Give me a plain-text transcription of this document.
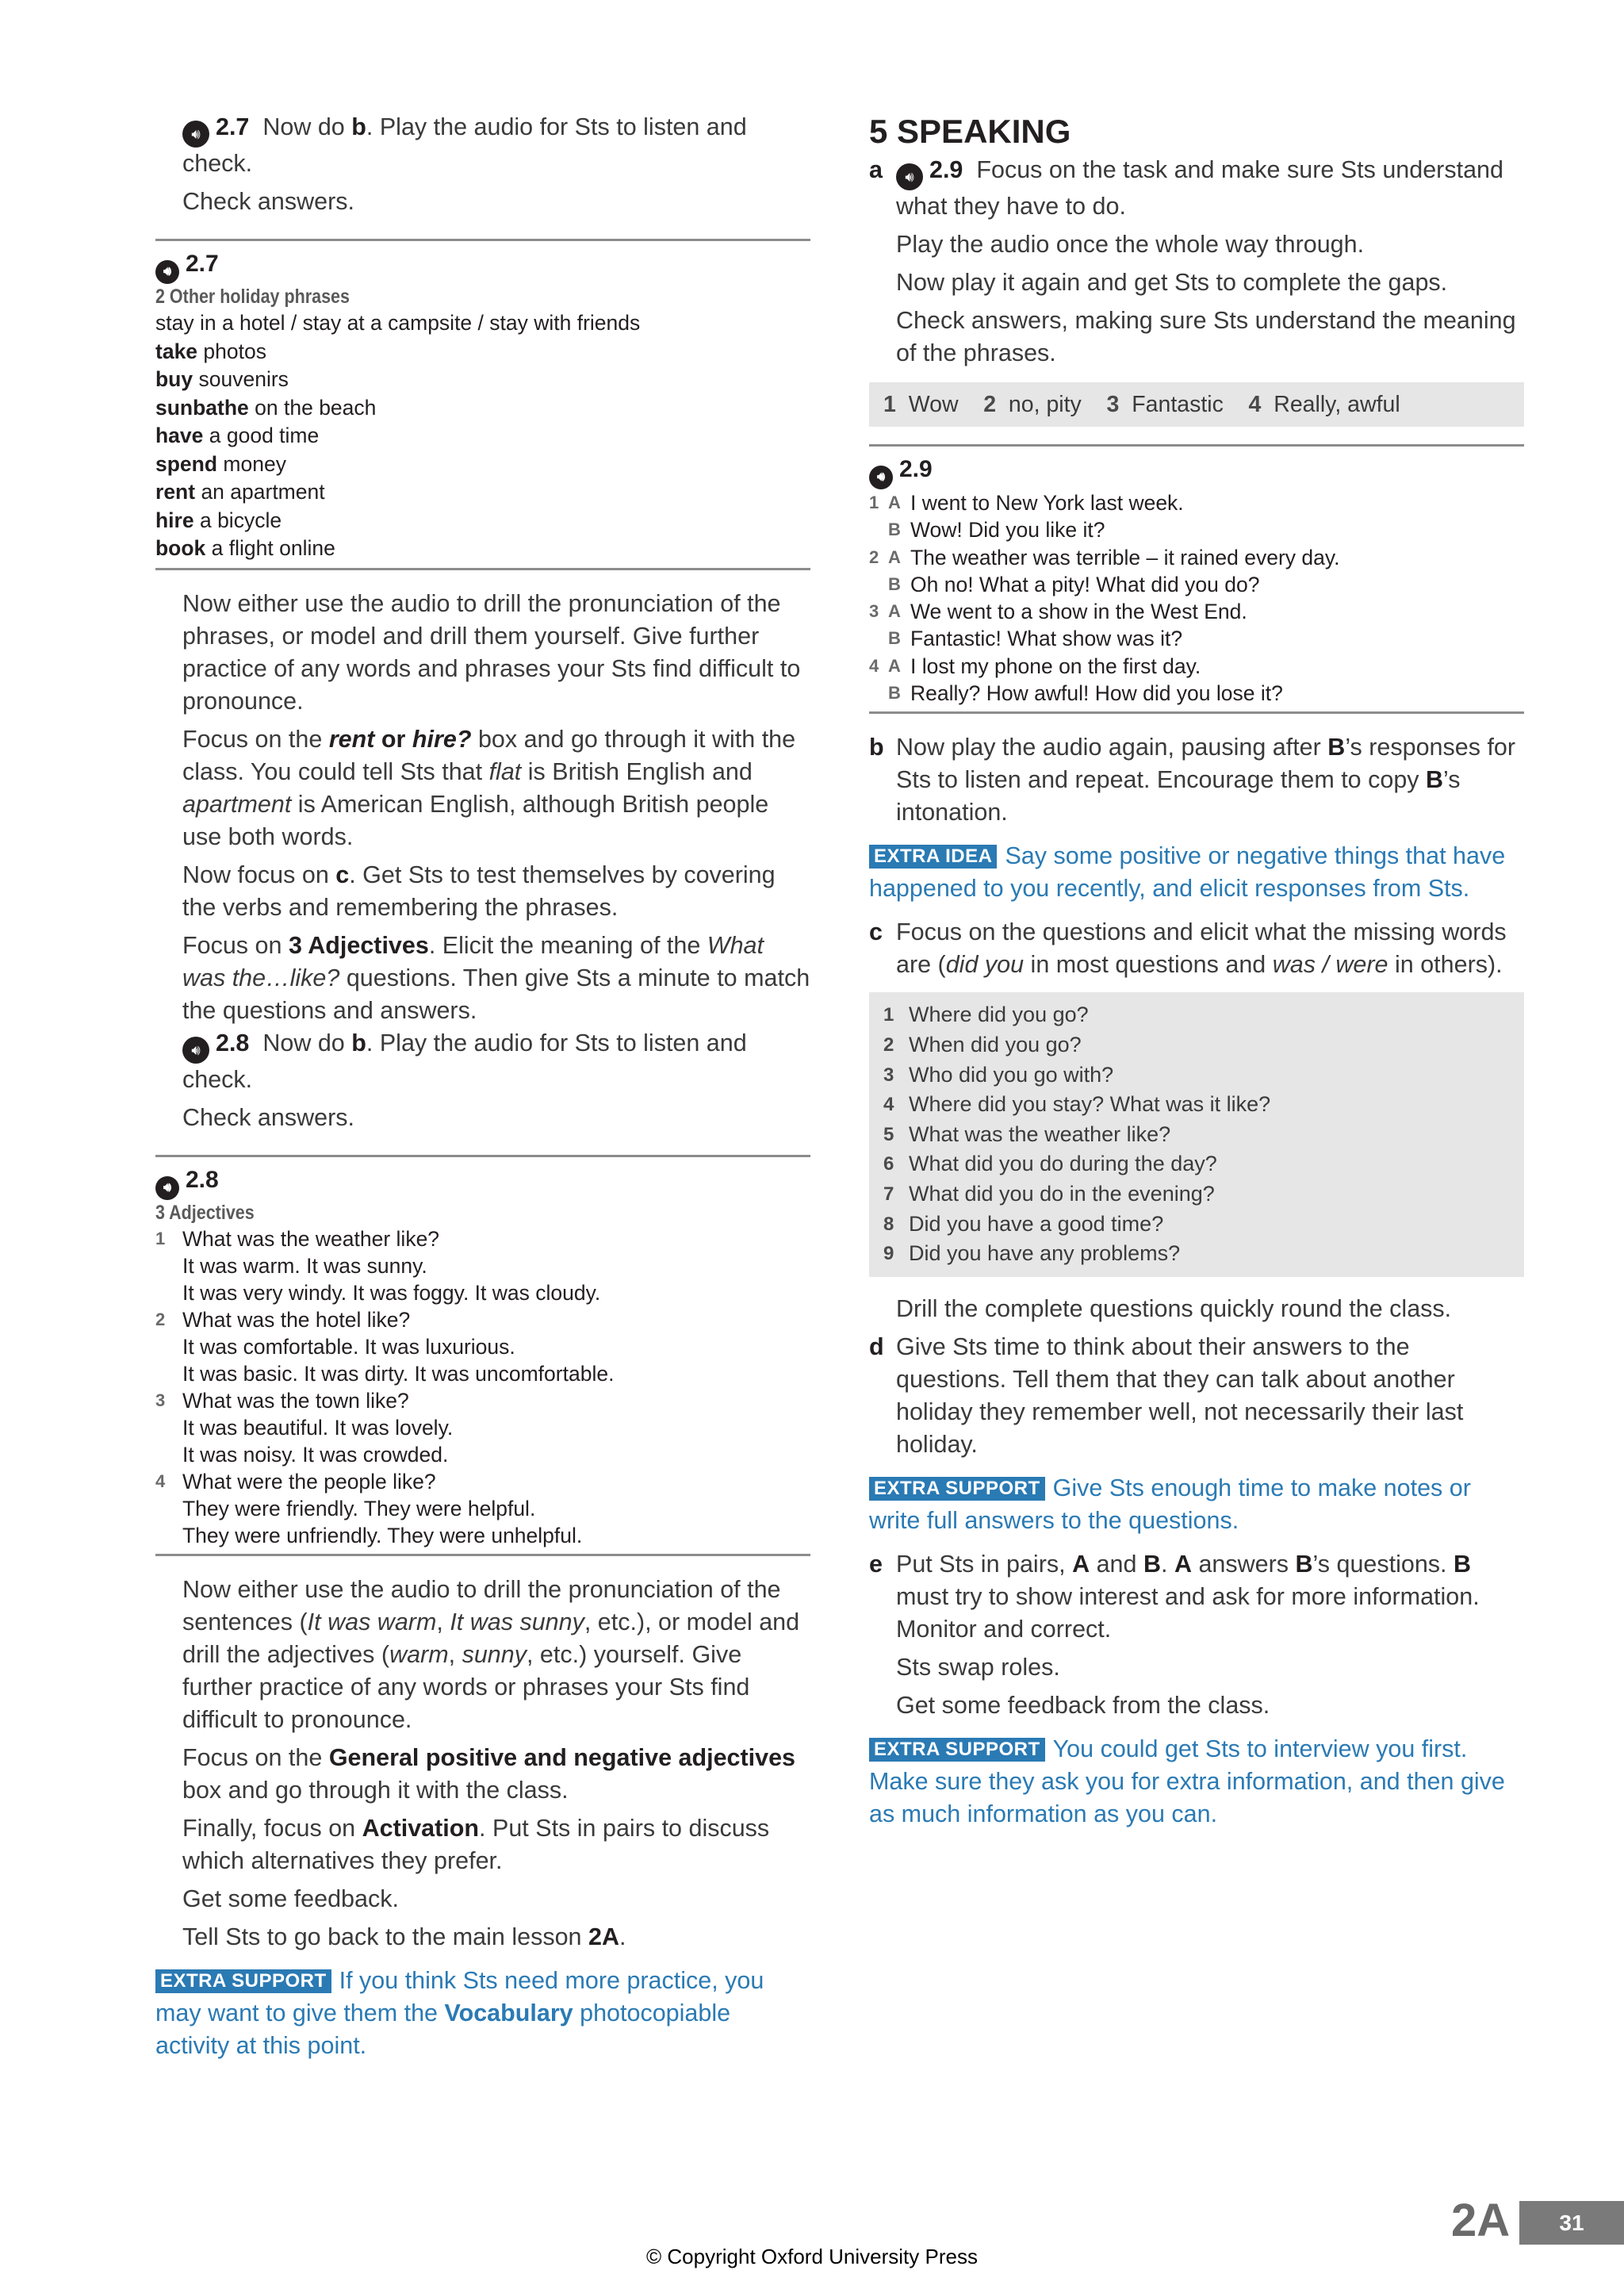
🔊︎ 2.7 Now do b. Play the audio for Sts to listen and check.

Check answers.

🔊︎ 2.7
2 Other holiday phrases
stay in a hotel / stay at a campsite / stay with friends
take photos
buy souvenirs
sunbathe on the beach
have a good time
spend money
rent an apartment
hire a bicycle
book a flight online

Now either use the audio to drill the pronunciation of the phrases, or model and drill them yourself. Give further practice of any words and phrases your Sts find difficult to pronounce.

Focus on the rent or hire? box and go through it with the class. You could tell Sts that flat is British English and apartment is American English, although British people use both words.

Now focus on c. Get Sts to test themselves by covering the verbs and remembering the phrases.

Focus on 3 Adjectives. Elicit the meaning of the What was the…like? questions. Then give Sts a minute to match the questions and answers.

🔊︎ 2.8 Now do b. Play the audio for Sts to listen and check.

Check answers.

🔊︎ 2.8
3 Adjectives
1 What was the weather like?
It was warm. It was sunny.
It was very windy. It was foggy. It was cloudy.
2 What was the hotel like?
It was comfortable. It was luxurious.
It was basic. It was dirty. It was uncomfortable.
3 What was the town like?
It was beautiful. It was lovely.
It was noisy. It was crowded.
4 What were the people like?
They were friendly. They were helpful.
They were unfriendly. They were unhelpful.

Now either use the audio to drill the pronunciation of the sentences (It was warm, It was sunny, etc.), or model and drill the adjectives (warm, sunny, etc.) yourself. Give further practice of any words or phrases your Sts find difficult to pronounce.

Focus on the General positive and negative adjectives box and go through it with the class.

Finally, focus on Activation. Put Sts in pairs to discuss which alternatives they prefer.

Get some feedback.

Tell Sts to go back to the main lesson 2A.

EXTRA SUPPORT If you think Sts need more practice, you may want to give them the Vocabulary photocopiable activity at this point.

5 SPEAKING
a	🔊︎ 2.9 Focus on the task and make sure Sts understand what they have to do.

Play the audio once the whole way through.

Now play it again and get Sts to complete the gaps.

Check answers, making sure Sts understand the meaning of the phrases.

1 Wow 2 no, pity 3 Fantastic 4 Really, awful
🔊︎ 2.9
1 A I went to New York last week.
B Wow! Did you like it?
2 A The weather was terrible – it rained every day.
B Oh no! What a pity! What did you do?
3 A We went to a show in the West End.
B Fantastic! What show was it?
4 A I lost my phone on the first day.
B Really? How awful! How did you lose it?
b Now play the audio again, pausing after B’s responses for Sts to listen and repeat. Encourage them to copy B’s intonation.

EXTRA IDEA Say some positive or negative things that have happened to you recently, and elicit responses from Sts.

c Focus on the questions and elicit what the missing words are (did you in most questions and was / were in others).
1 Where did you go?
2 When did you go?
3 Who did you go with?
4 Where did you stay? What was it like?
5 What was the weather like?
6 What did you do during the day?
7 What did you do in the evening?
8 Did you have a good time?
9 Did you have any problems?

Drill the complete questions quickly round the class.

d Give Sts time to think about their answers to the questions. Tell them that they can talk about another holiday they remember well, not necessarily their last holiday.

EXTRA SUPPORT Give Sts enough time to make notes or write full answers to the questions.

e Put Sts in pairs, A and B. A answers B’s questions. B must try to show interest and ask for more information. Monitor and correct.

Sts swap roles.

Get some feedback from the class.

EXTRA SUPPORT You could get Sts to interview you first. Make sure they ask you for extra information, and then give as much information as you can.

2A	31
© Copyright Oxford University Press
